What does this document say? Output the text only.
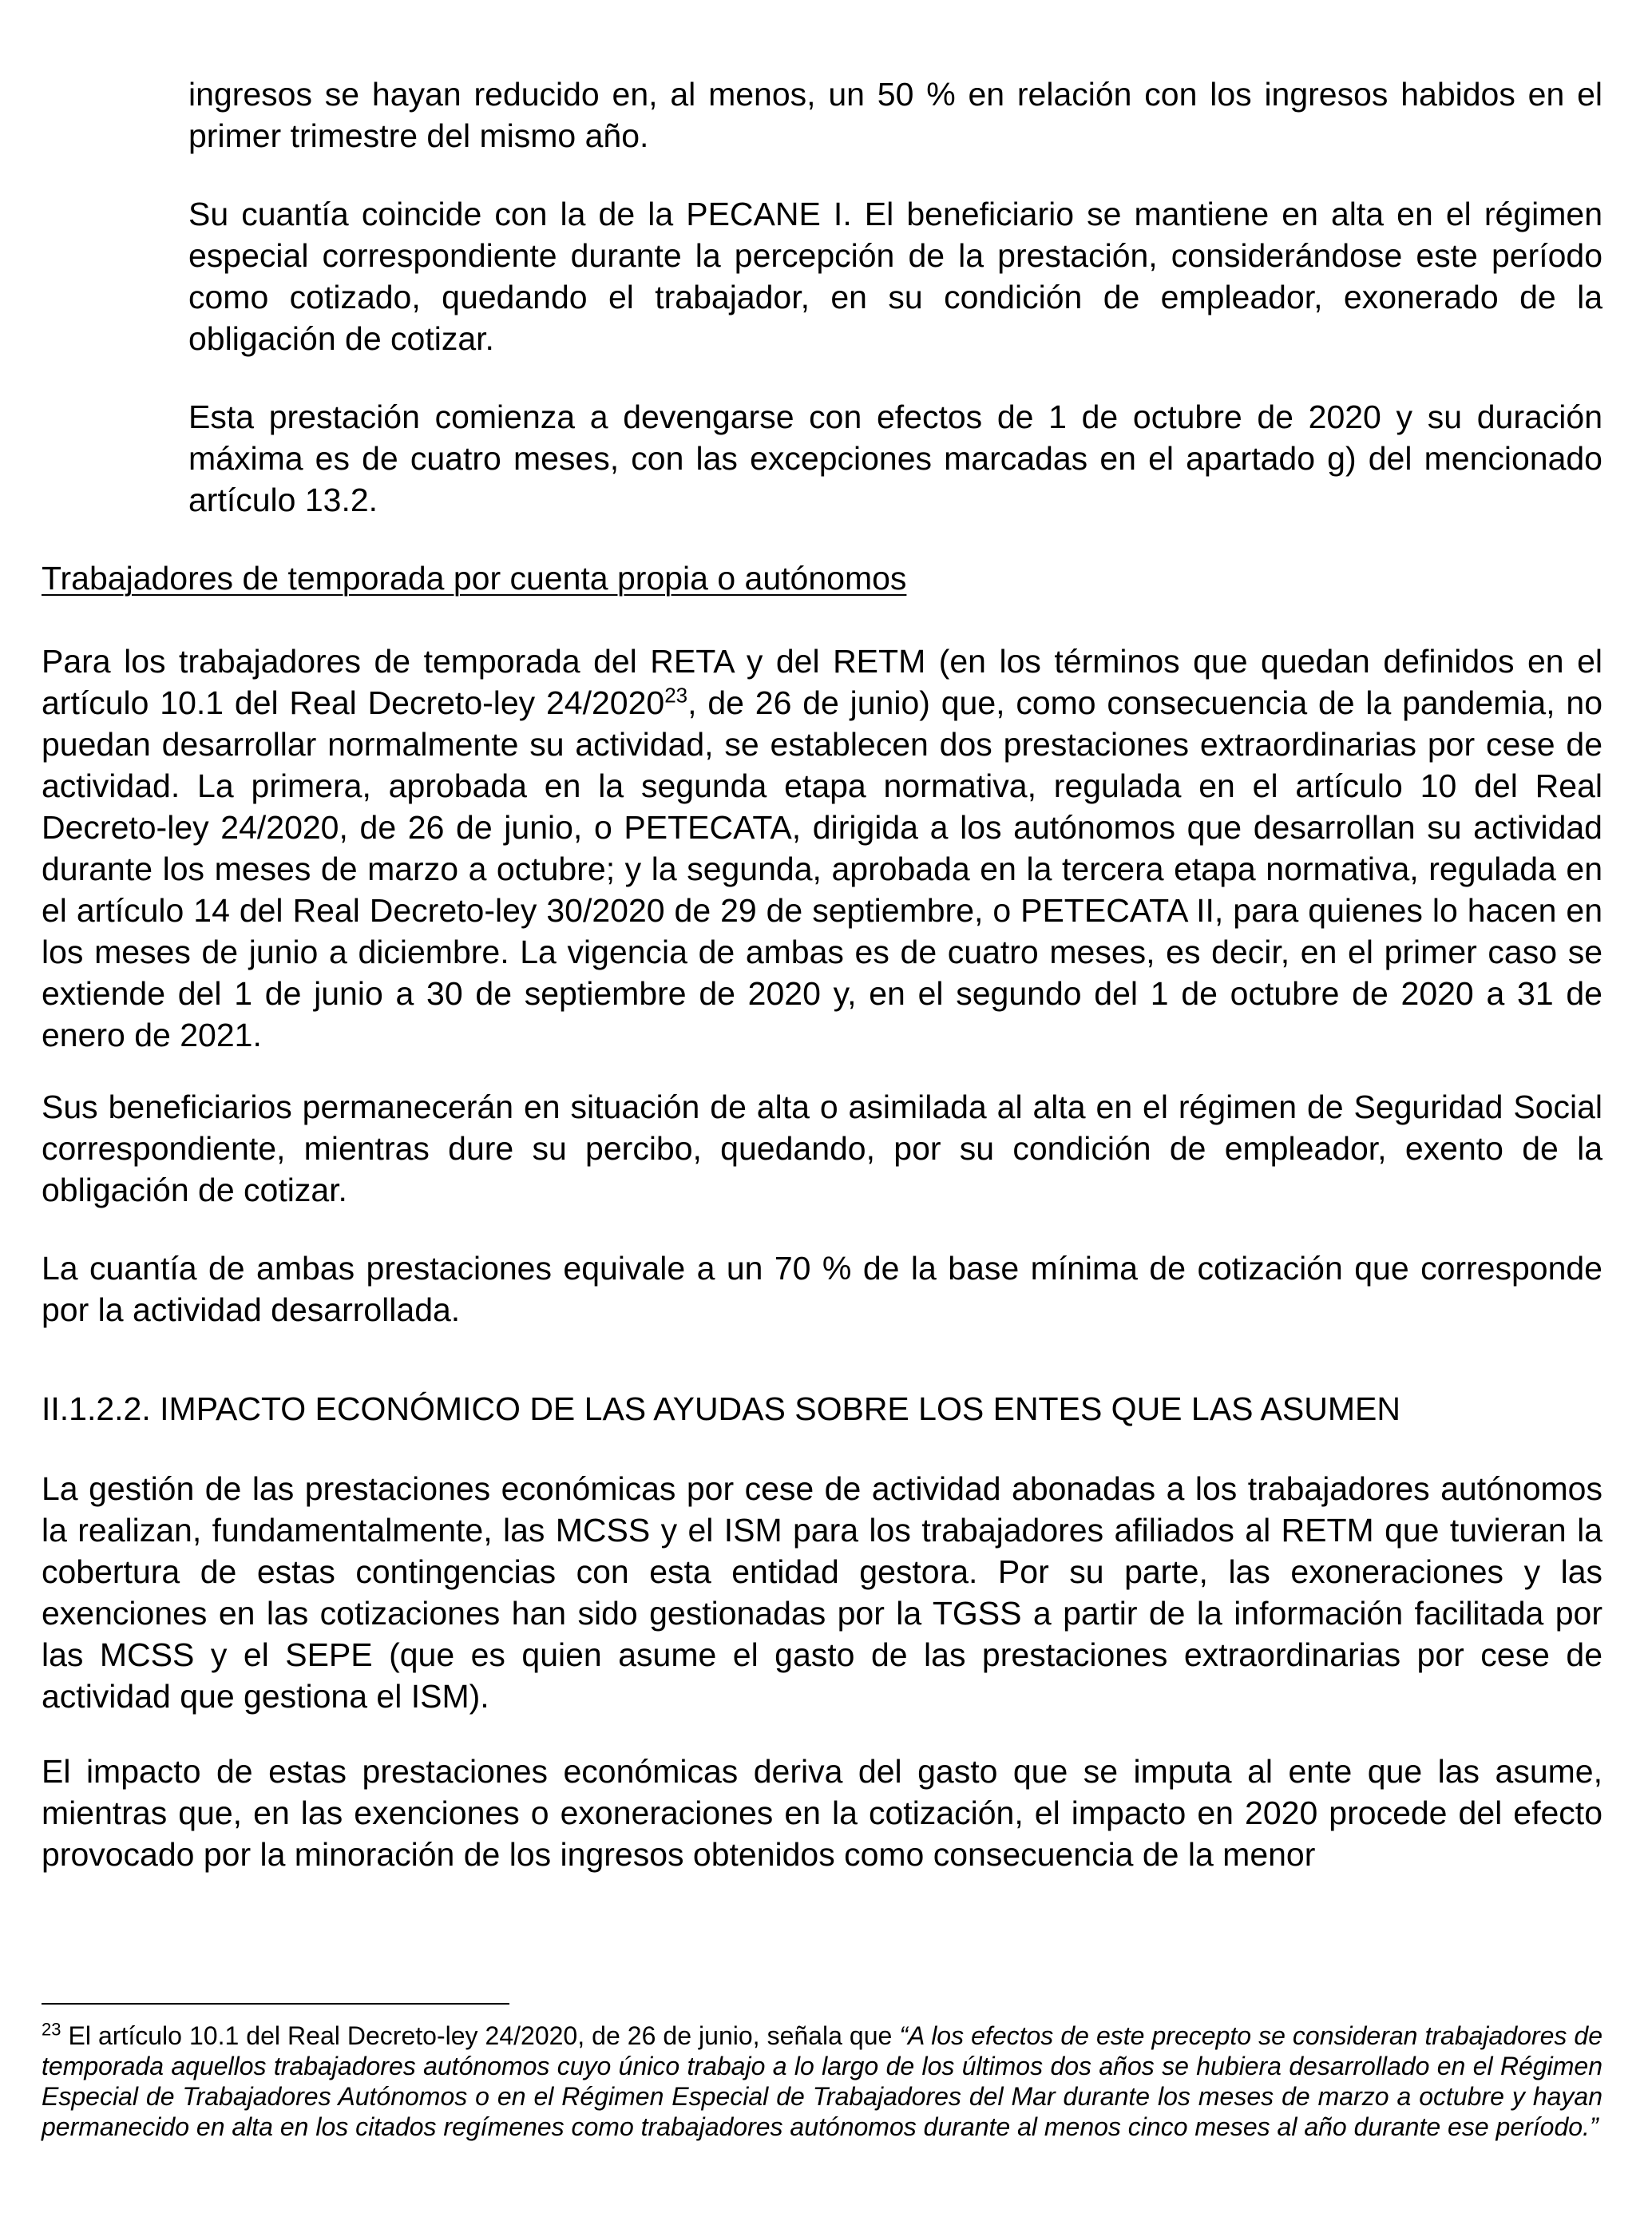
ingresos se hayan reducido en, al menos, un 50 % en relación con los ingresos habidos en el primer trimestre del mismo año.

Su cuantía coincide con la de la PECANE I. El beneficiario se mantiene en alta en el régimen especial correspondiente durante la percepción de la prestación, considerándose este período como cotizado, quedando el trabajador, en su condición de empleador, exonerado de la obligación de cotizar.

Esta prestación comienza a devengarse con efectos de 1 de octubre de 2020 y su duración máxima es de cuatro meses, con las excepciones marcadas en el apartado g) del mencionado artículo 13.2.

Trabajadores de temporada por cuenta propia o autónomos

Para los trabajadores de temporada del RETA y del RETM (en los términos que quedan definidos en el artículo 10.1 del Real Decreto-ley 24/2020$^{23}$, de 26 de junio) que, como consecuencia de la pandemia, no puedan desarrollar normalmente su actividad, se establecen dos prestaciones extraordinarias por cese de actividad. La primera, aprobada en la segunda etapa normativa, regulada en el artículo 10 del Real Decreto-ley 24/2020, de 26 de junio, o PETECATA, dirigida a los autónomos que desarrollan su actividad durante los meses de marzo a octubre; y la segunda, aprobada en la tercera etapa normativa, regulada en el artículo 14 del Real Decreto-ley 30/2020 de 29 de septiembre, o PETECATA II, para quienes lo hacen en los meses de junio a diciembre. La vigencia de ambas es de cuatro meses, es decir, en el primer caso se extiende del 1 de junio a 30 de septiembre de 2020 y, en el segundo del 1 de octubre de 2020 a 31 de enero de 2021.

Sus beneficiarios permanecerán en situación de alta o asimilada al alta en el régimen de Seguridad Social correspondiente, mientras dure su percibo, quedando, por su condición de empleador, exento de la obligación de cotizar.

La cuantía de ambas prestaciones equivale a un 70 % de la base mínima de cotización que corresponde por la actividad desarrollada.

II.1.2.2. IMPACTO ECONÓMICO DE LAS AYUDAS SOBRE LOS ENTES QUE LAS ASUMEN

La gestión de las prestaciones económicas por cese de actividad abonadas a los trabajadores autónomos la realizan, fundamentalmente, las MCSS y el ISM para los trabajadores afiliados al RETM que tuvieran la cobertura de estas contingencias con esta entidad gestora. Por su parte, las exoneraciones y las exenciones en las cotizaciones han sido gestionadas por la TGSS a partir de la información facilitada por las MCSS y el SEPE (que es quien asume el gasto de las prestaciones extraordinarias por cese de actividad que gestiona el ISM).

El impacto de estas prestaciones económicas deriva del gasto que se imputa al ente que las asume, mientras que, en las exenciones o exoneraciones en la cotización, el impacto en 2020 procede del efecto provocado por la minoración de los ingresos obtenidos como consecuencia de la menor

$^{23}$ El artículo 10.1 del Real Decreto-ley 24/2020, de 26 de junio, señala que “A los efectos de este precepto se consideran trabajadores de temporada aquellos trabajadores autónomos cuyo único trabajo a lo largo de los últimos dos años se hubiera desarrollado en el Régimen Especial de Trabajadores Autónomos o en el Régimen Especial de Trabajadores del Mar durante los meses de marzo a octubre y hayan permanecido en alta en los citados regímenes como trabajadores autónomos durante al menos cinco meses al año durante ese período.”
